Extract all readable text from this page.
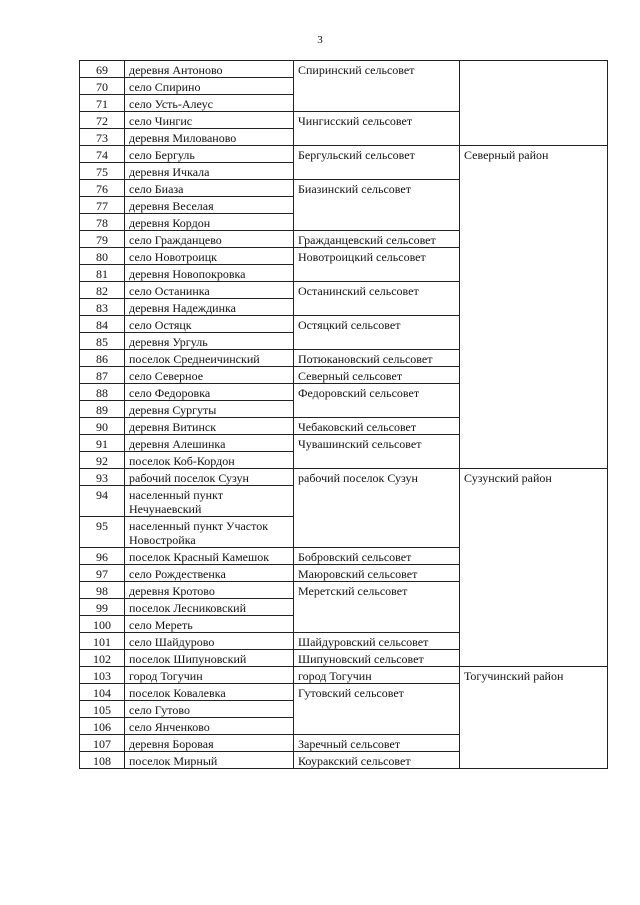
3
69	деревня Антоново	Спиринский сельсовет	
70	село Спирино		
71	село Усть-Алеус		
72	село Чингис	Чингисский сельсовет	
73	деревня Милованово		
74	село Бергуль	Бергульский сельсовет	Северный район
75	деревня Ичкала		
76	село Биаза	Биазинский сельсовет	
77	деревня Веселая		
78	деревня Кордон		
79	село Гражданцево	Гражданцевский сельсовет	
80	село Новотроицк	Новотроицкий сельсовет	
81	деревня Новопокровка		
82	село Останинка	Останинский сельсовет	
83	деревня Надеждинка		
84	село Остяцк	Остяцкий сельсовет	
85	деревня Ургуль		
86	поселок Среднеичинский	Потюкановский сельсовет	
87	село Северное	Северный сельсовет	
88	село Федоровка	Федоровский сельсовет	
89	деревня Сургуты		
90	деревня Витинск	Чебаковский сельсовет	
91	деревня Алешинка	Чувашинский сельсовет	
92	поселок Коб-Кордон		
93	рабочий поселок Сузун	рабочий поселок Сузун	Сузунский район
94	населенный пункт Нечунаевский		
95	населенный пункт Участок Новостройка		
96	поселок Красный Камешок	Бобровский сельсовет	
97	село Рождественка	Маюровский сельсовет	
98	деревня Кротово	Меретский сельсовет	
99	поселок Лесниковский		
100	село Мереть		
101	село Шайдурово	Шайдуровский сельсовет	
102	поселок Шипуновский	Шипуновский сельсовет	
103	город Тогучин	город Тогучин	Тогучинский район
104	поселок Ковалевка	Гутовский сельсовет	
105	село Гутово		
106	село Янченково		
107	деревня Боровая	Заречный сельсовет	
108	поселок Мирный	Коуракский сельсовет	
